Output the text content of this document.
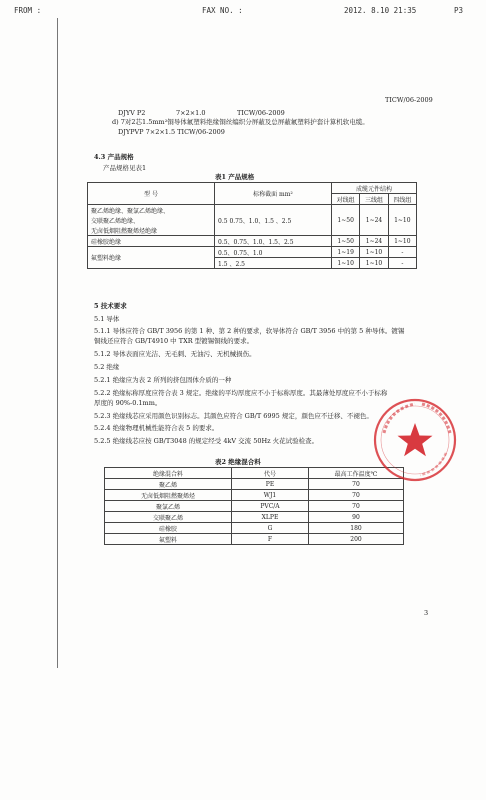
FROM :	FAX NO. :	2012. 8.10 21:35	P3
TICW/06-2009
DJYV P2	7×2×1.0	TICW/06-2009
d) 7对2芯1.5mm²铜导体氟塑料绝缘铜丝编织分屏蔽及总屏蔽氟塑料护套计算机软电缆。
DJYPVP 7×2×1.5 TICW/06-2009
4.3 产品规格
产品规格见表1
表1 产品规格
型 号	标称截面 mm²	成缆元件结构		
		对线组	三线组	四线组
聚乙烯绝缘、聚氯乙烯绝缘、	0.5 0.75、1.0、1.5 、2.5	1~50	1~24	1~10
交联聚乙烯绝缘、				
无卤低烟阻燃聚烯烃绝缘				
硅橡胶绝缘	0.5、0.75、1.0、1.5、2.5	1~50	1~24	1~10
氟塑料绝缘	0.5、0.75、1.0	1~19	1~10	-
	1.5 、2.5	1~10	1~10	-
5 技术要求
5.1 导体
5.1.1 导体应符合 GB/T 3956 的第 1 种、第 2 种的要求，软导体符合 GB/T 3956 中的第 5 种导体。镀锡
铜线还应符合 GB/T4910 中 TXR 型镀锡铜线的要求。
5.1.2 导体表面应光洁、无毛刺、无油污、无机械损伤。
5.2 绝缘
5.2.1 绝缘应为表 2 所列的挤包固体介质的一种
5.2.2 绝缘标称厚度应符合表 3 规定。绝缘的平均厚度应不小于标称厚度。其最薄处厚度应不小于标称
厚度的 90%-0.1mm。
5.2.3 绝缘线芯应采用颜色识别标志。其颜色应符合 GB/T 6995 规定，颜色应不迁移、不褪色。
5.2.4 绝缘物理机械性能符合表 5 的要求。
5.2.5 绝缘线芯应按 GB/T3048 的规定经受 4kV 交流 50Hz 火花试验检查。
表2 绝缘混合料
绝缘混合料	代号	最高工作温度℃
聚乙烯	PE	70
无卤低烟阻燃聚烯烃	WJ1	70
聚氯乙烯	PVC/A	70
交联聚乙烯	XLPE	90
硅橡胶	G	180
氟塑料	F	200
3
